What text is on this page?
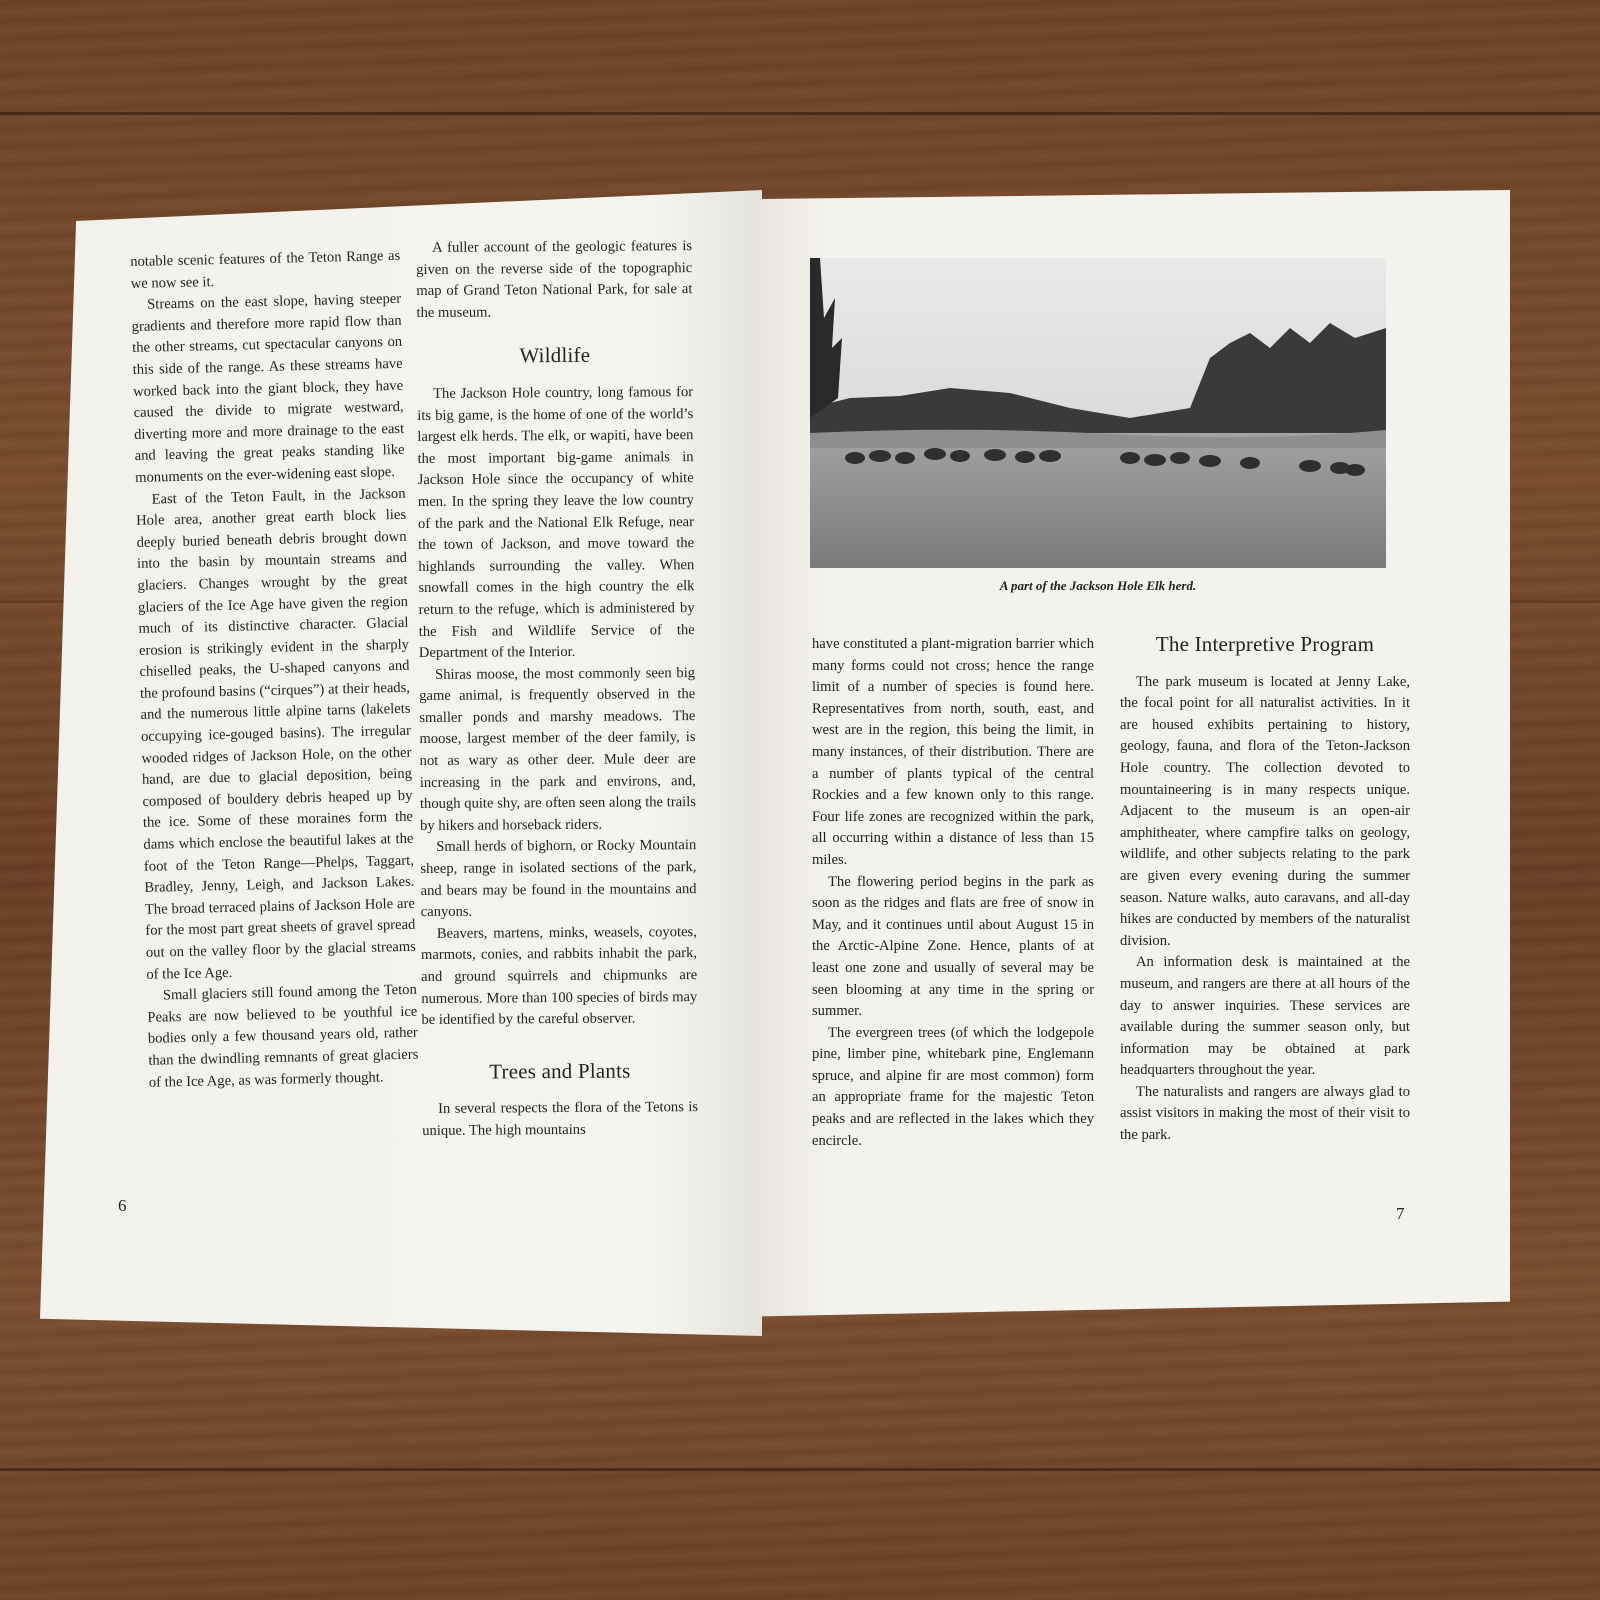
notable scenic features of the Teton Range as we now see it.

Streams on the east slope, having steeper gradients and therefore more rapid flow than the other streams, cut spectacular canyons on this side of the range. As these streams have worked back into the giant block, they have caused the divide to migrate westward, diverting more and more drainage to the east and leaving the great peaks standing like monuments on the ever-widening east slope.

East of the Teton Fault, in the Jackson Hole area, another great earth block lies deeply buried beneath debris brought down into the basin by mountain streams and glaciers. Changes wrought by the great glaciers of the Ice Age have given the region much of its distinctive character. Glacial erosion is strikingly evident in the sharply chiselled peaks, the U-shaped canyons and the profound basins (“cirques”) at their heads, and the numerous little alpine tarns (lakelets occupying ice-gouged basins). The irregular wooded ridges of Jackson Hole, on the other hand, are due to glacial deposition, being composed of bouldery debris heaped up by the ice. Some of these moraines form the dams which enclose the beautiful lakes at the foot of the Teton Range—Phelps, Taggart, Bradley, Jenny, Leigh, and Jackson Lakes. The broad terraced plains of Jackson Hole are for the most part great sheets of gravel spread out on the valley floor by the glacial streams of the Ice Age.

Small glaciers still found among the Teton Peaks are now believed to be youthful ice bodies only a few thousand years old, rather than the dwindling remnants of great glaciers of the Ice Age, as was formerly thought.

A fuller account of the geologic features is given on the reverse side of the topographic map of Grand Teton National Park, for sale at the museum.

Wildlife

The Jackson Hole country, long famous for its big game, is the home of one of the world’s largest elk herds. The elk, or wapiti, have been the most important big-game animals in Jackson Hole since the occupancy of white men. In the spring they leave the low country of the park and the National Elk Refuge, near the town of Jackson, and move toward the highlands surrounding the valley. When snowfall comes in the high country the elk return to the refuge, which is administered by the Fish and Wildlife Service of the Department of the Interior.

Shiras moose, the most commonly seen big game animal, is frequently observed in the smaller ponds and marshy meadows. The moose, largest member of the deer family, is not as wary as other deer. Mule deer are increasing in the park and environs, and, though quite shy, are often seen along the trails by hikers and horseback riders.

Small herds of bighorn, or Rocky Mountain sheep, range in isolated sections of the park, and bears may be found in the mountains and canyons.

Beavers, martens, minks, weasels, coyotes, marmots, conies, and rabbits inhabit the park, and ground squirrels and chipmunks are numerous. More than 100 species of birds may be identified by the careful observer.

Trees and Plants

In several respects the flora of the Tetons is unique. The high mountains

6
A part of the Jackson Hole Elk herd.

have constituted a plant-migration barrier which many forms could not cross; hence the range limit of a number of species is found here. Representatives from north, south, east, and west are in the region, this being the limit, in many instances, of their distribution. There are a number of plants typical of the central Rockies and a few known only to this range. Four life zones are recognized within the park, all occurring within a distance of less than 15 miles.

The flowering period begins in the park as soon as the ridges and flats are free of snow in May, and it continues until about August 15 in the Arctic-Alpine Zone. Hence, plants of at least one zone and usually of several may be seen blooming at any time in the spring or summer.

The evergreen trees (of which the lodgepole pine, limber pine, whitebark pine, Englemann spruce, and alpine fir are most common) form an appropriate frame for the majestic Teton peaks and are reflected in the lakes which they encircle.

The Interpretive Program

The park museum is located at Jenny Lake, the focal point for all naturalist activities. In it are housed exhibits pertaining to history, geology, fauna, and flora of the Teton-Jackson Hole country. The collection devoted to mountaineering is in many respects unique. Adjacent to the museum is an open-air amphitheater, where campfire talks on geology, wildlife, and other subjects relating to the park are given every evening during the summer season. Nature walks, auto caravans, and all-day hikes are conducted by members of the naturalist division.

An information desk is maintained at the museum, and rangers are there at all hours of the day to answer inquiries. These services are available during the summer season only, but information may be obtained at park headquarters throughout the year.

The naturalists and rangers are always glad to assist visitors in making the most of their visit to the park.

7
